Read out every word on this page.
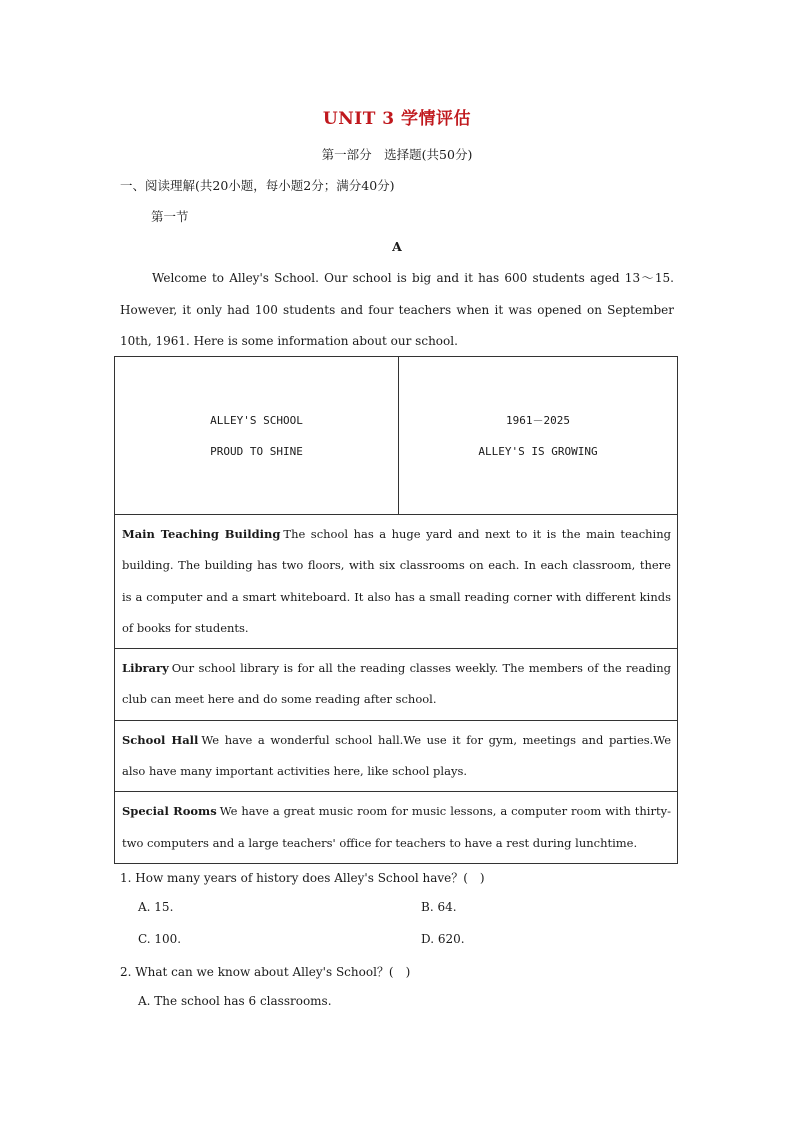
UNIT 3 学情评估
第一部分　选择题(共50分)
一、阅读理解(共20小题，每小题2分；满分40分)
第一节
A
Welcome to Alley's School. Our school is big and it has 600 students aged 13～15. However, it only had 100 students and four teachers when it was opened on September 10th, 1961. Here is some information about our school.
ALLEY'S SCHOOL
PROUD TO SHINE

1961－2025
ALLEY'S IS GROWING

Main Teaching Building The school has a huge yard and next to it is the main teaching building. The building has two floors, with six classrooms on each. In each classroom, there is a computer and a smart whiteboard. It also has a small reading corner with different kinds of books for students.
Library Our school library is for all the reading classes weekly. The members of the reading club can meet here and do some reading after school.
School Hall We have a wonderful school hall.We use it for gym, meetings and parties.We also have many important activities here, like school plays.
Special Rooms We have a great music room for music lessons, a computer room with thirty-two computers and a large teachers' office for teachers to have a rest during lunchtime.
1. How many years of history does Alley's School have？(　)
A. 15.	B. 64.
C. 100.	D. 620.
2. What can we know about Alley's School？(　)
A. The school has 6 classrooms.
